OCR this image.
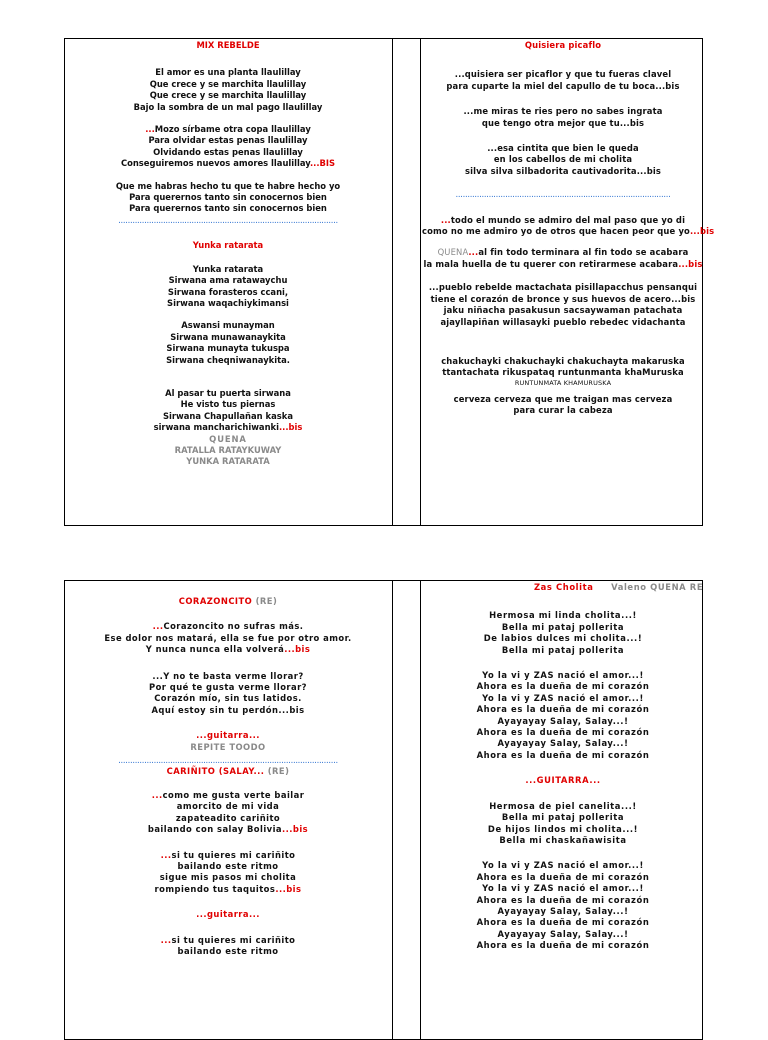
MIX REBELDE
El amor es una planta llaulillay
Que crece y se marchita llaulillay
Que crece y se marchita llaulillay
Bajo la sombra de un mal pago llaulillay
...Mozo sírbame otra copa llaulillay
Para olvidar estas penas llaulillay
Olvidando estas penas llaulillay
Conseguiremos nuevos amores llaulillay...BIS
Que me habras hecho tu que te habre hecho yo
Para querernos tanto sin conocernos bien
Para querernos tanto sin conocernos bien
.............................................................................................
Yunka ratarata
Yunka ratarata
Sirwana ama ratawaychu
Sirwana forasteros ccani,
Sirwana waqachiykimansi
Aswansi munayman
Sirwana munawanaykita
Sirwana munayta tukuspa
Sirwana cheqniwanaykita.
Al pasar tu puerta sirwana
He visto tus piernas
Sirwana Chapullañan kaska
sirwana mancharichiwanki...bis
QUENA
RATALLA RATAYKUWAY
YUNKA RATARATA
Quisiera picaflo
...quisiera ser picaflor y que tu fueras clavel
para cuparte la miel del capullo de tu boca...bis
...me miras te ries pero no sabes ingrata
que tengo otra mejor que tu...bis
...esa cintita que bien le queda
en los cabellos de mi cholita
silva silva silbadorita cautivadorita...bis
...........................................................................................
...todo el mundo se admiro del mal paso que yo di
como no me admiro yo de otros que hacen peor que yo...bis
QUENA...al fin todo terminara al fin todo se acabara
la mala huella de tu querer con retirarmese acabara...bis
...pueblo rebelde mactachata pisillapacchus pensanqui
tiene el corazón de bronce y sus huevos de acero...bis
jaku niñacha pasakusun sacsaywaman patachata
ajayllapiñan willasayki pueblo rebedec vidachanta
chakuchayki chakuchayki chakuchayta makaruska
ttantachata rikuspataq runtunmanta khaMuruska
RUNTUNMATA KHAMURUSKA
cerveza cerveza que me traigan mas cerveza
para curar la cabeza
CORAZONCITO (RE)
...Corazoncito no sufras más.
Ese dolor nos matará, ella se fue por otro amor.
Y nunca nunca ella volverá...bis
...Y no te basta verme llorar?
Por qué te gusta verme llorar?
Corazón mío, sin tus latidos.
Aquí estoy sin tu perdón...bis
...guitarra...
REPITE TOODO
.............................................................................................
CARIÑITO (SALAY... (RE)
...como me gusta verte bailar
amorcito de mi vida
zapateadito cariñito
bailando con salay Bolivia...bis
...si tu quieres mi cariñito
bailando este ritmo
sigue mis pasos mi cholita
rompiendo tus taquitos...bis
...guitarra...
...si tu quieres mi cariñito
bailando este ritmo
Zas Cholita Valeno QUENA RE
Hermosa mi linda cholita...!
Bella mi pataj pollerita
De labios dulces mi cholita...!
Bella mi pataj pollerita
Yo la vi y ZAS nació el amor...!
Ahora es la dueña de mi corazón
Yo la vi y ZAS nació el amor...!
Ahora es la dueña de mi corazón
Ayayayay Salay, Salay...!
Ahora es la dueña de mi corazón
Ayayayay Salay, Salay...!
Ahora es la dueña de mi corazón
...GUITARRA...
Hermosa de piel canelita...!
Bella mi pataj pollerita
De hijos lindos mi cholita...!
Bella mi chaskañawisita
Yo la vi y ZAS nació el amor...!
Ahora es la dueña de mi corazón
Yo la vi y ZAS nació el amor...!
Ahora es la dueña de mi corazón
Ayayayay Salay, Salay...!
Ahora es la dueña de mi corazón
Ayayayay Salay, Salay...!
Ahora es la dueña de mi corazón
